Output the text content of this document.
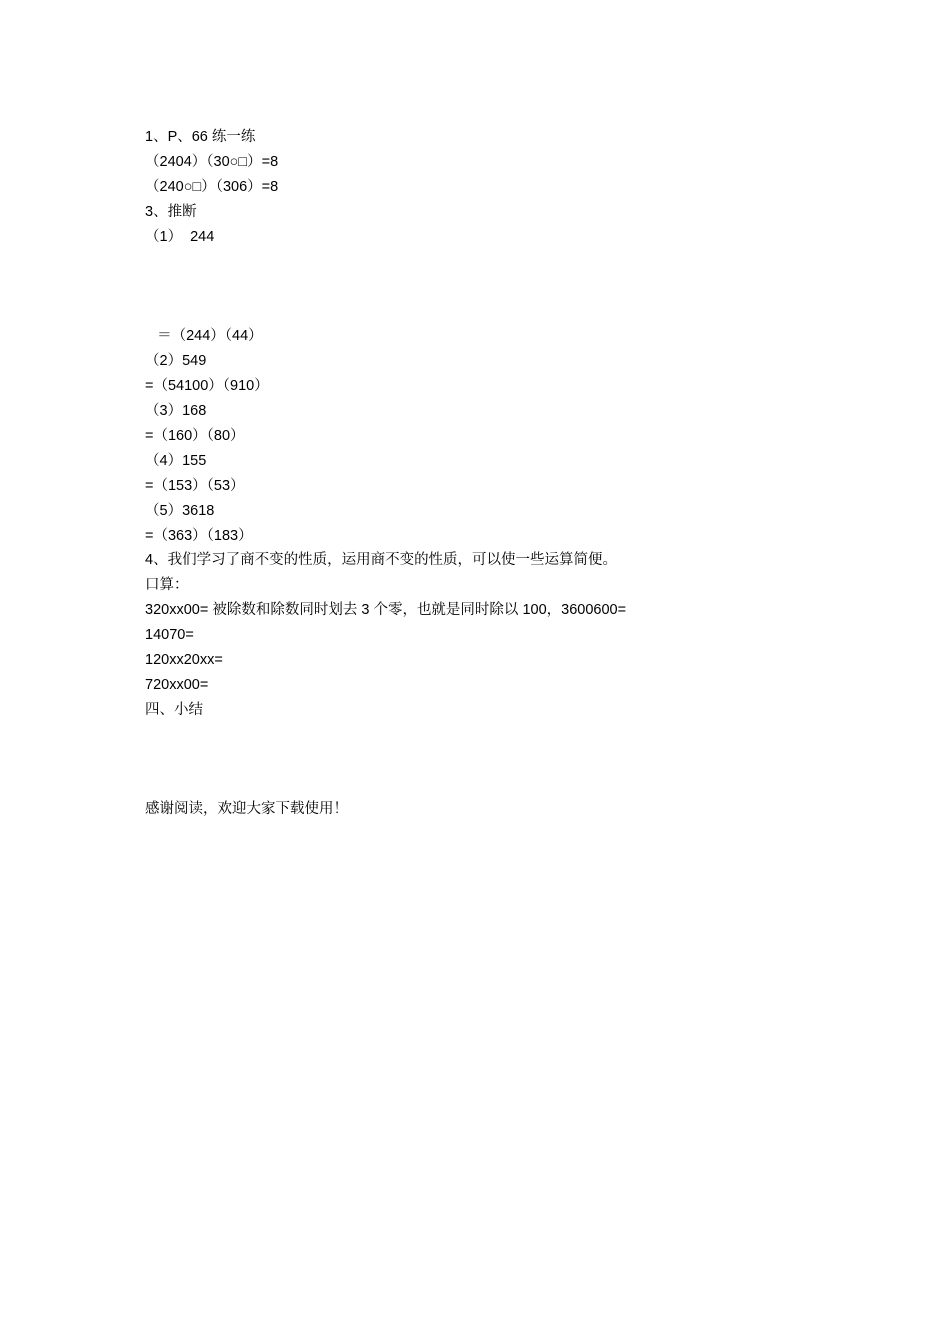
1、P、66 练一练
（2404）（30○□）=8
（240○□）（306）=8
3、推断
（1）  244
＝（244）（44）
（2）549
=（54100）（910）
（3）168
=（160）（80）
（4）155
=（153）（53）
（5）3618
=（363）（183）
4、我们学习了商不变的性质，运用商不变的性质，可以使一些运算简便。
口算：
320xx00= 被除数和除数同时划去 3 个零，也就是同时除以 100，3600600=
14070=
120xx20xx=
720xx00=
四、小结
感谢阅读，欢迎大家下载使用！
